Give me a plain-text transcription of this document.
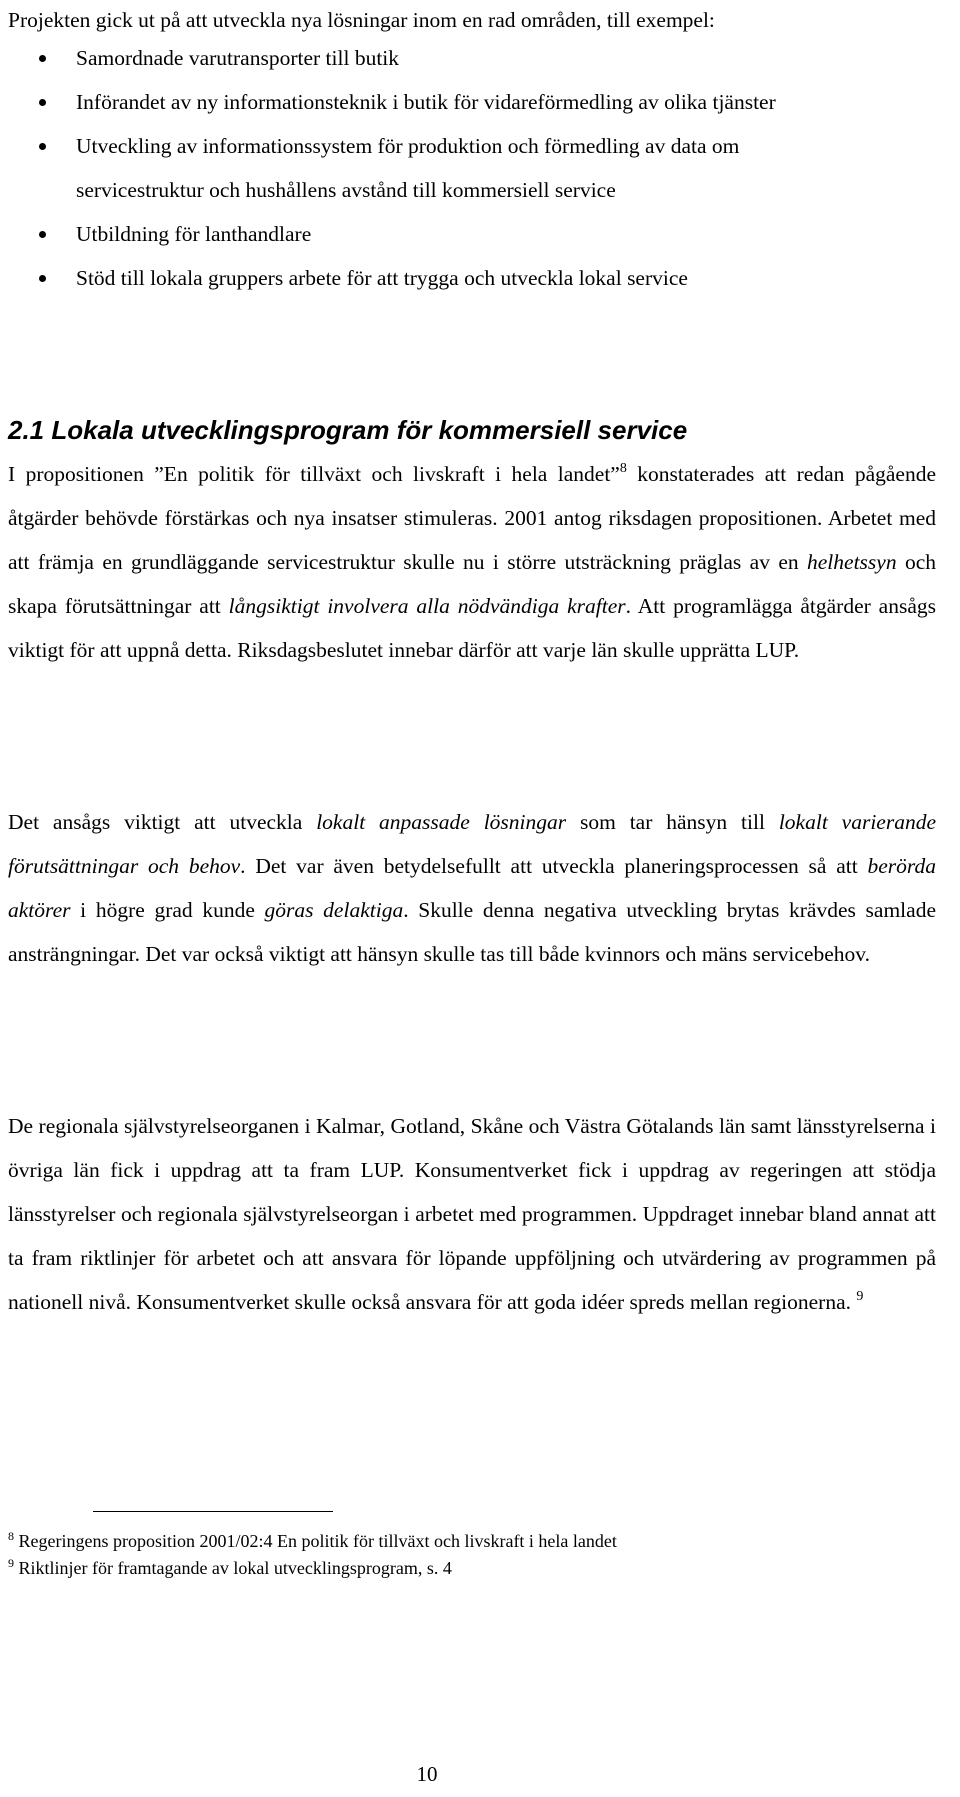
Projekten gick ut på att utveckla nya lösningar inom en rad områden, till exempel:

Samordnade varutransporter till butik
Införandet av ny informationsteknik i butik för vidareförmedling av olika tjänster
Utveckling av informationssystem för produktion och förmedling av data om servicestruktur och hushållens avstånd till kommersiell service
Utbildning för lanthandlare
Stöd till lokala gruppers arbete för att trygga och utveckla lokal service
2.1 Lokala utvecklingsprogram för kommersiell service

I propositionen ”En politik för tillväxt och livskraft i hela landet”$^8$ konstaterades att redan pågående åtgärder behövde förstärkas och nya insatser stimuleras. 2001 antog riksdagen propositionen. Arbetet med att främja en grundläggande servicestruktur skulle nu i större utsträckning präglas av en helhetssyn och skapa förutsättningar att långsiktigt involvera alla nödvändiga krafter. Att programlägga åtgärder ansågs viktigt för att uppnå detta. Riksdagsbeslutet innebar därför att varje län skulle upprätta LUP.

Det ansågs viktigt att utveckla lokalt anpassade lösningar som tar hänsyn till lokalt varierande förutsättningar och behov. Det var även betydelsefullt att utveckla planeringsprocessen så att berörda aktörer i högre grad kunde göras delaktiga. Skulle denna negativa utveckling brytas krävdes samlade ansträngningar. Det var också viktigt att hänsyn skulle tas till både kvinnors och mäns servicebehov.

De regionala självstyrelseorganen i Kalmar, Gotland, Skåne och Västra Götalands län samt länsstyrelserna i övriga län fick i uppdrag att ta fram LUP. Konsumentverket fick i uppdrag av regeringen att stödja länsstyrelser och regionala självstyrelseorgan i arbetet med programmen. Uppdraget innebar bland annat att ta fram riktlinjer för arbetet och att ansvara för löpande uppföljning och utvärdering av programmen på nationell nivå. Konsumentverket skulle också ansvara för att goda idéer spreds mellan regionerna. $^9$

$^8$ Regeringens proposition 2001/02:4 En politik för tillväxt och livskraft i hela landet
$^9$ Riktlinjer för framtagande av lokal utvecklingsprogram, s. 4
10
